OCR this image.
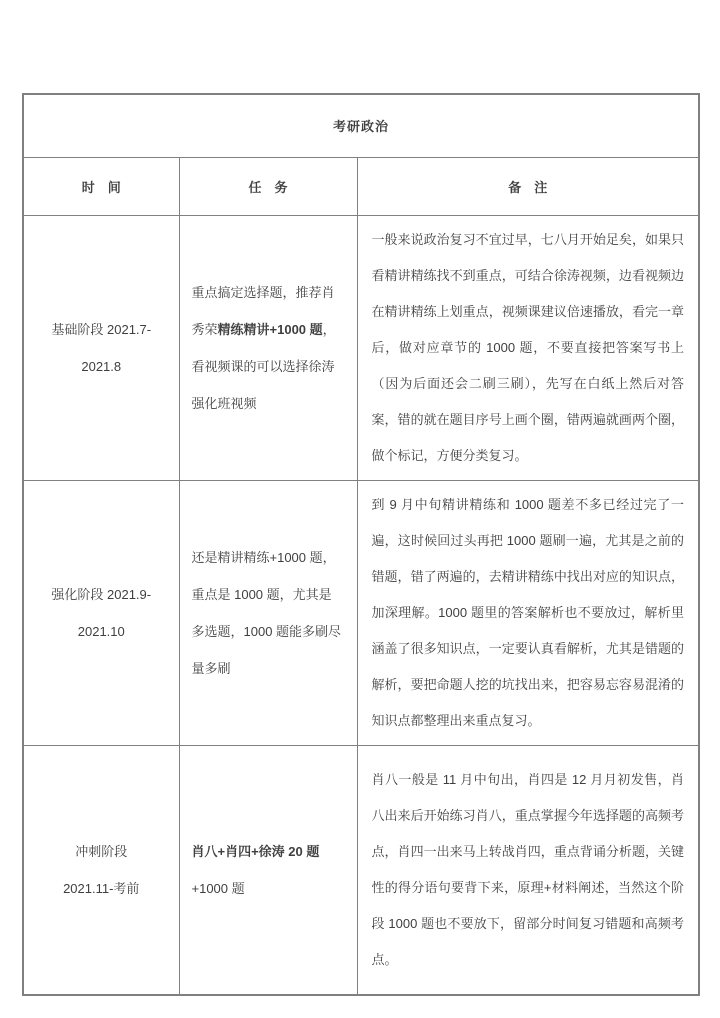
考研政治		
时　间	任　务	备　注

基础阶段 2021.7-
2021.8	重点搞定选择题，推荐肖秀荣精练精讲+1000 题，看视频课的可以选择徐涛强化班视频	一般来说政治复习不宜过早，七八月开始足矣，如果只看精讲精练找不到重点，可结合徐涛视频，边看视频边在精讲精练上划重点，视频课建议倍速播放，看完一章后，做对应章节的 1000 题，不要直接把答案写书上（因为后面还会二刷三刷），先写在白纸上然后对答案，错的就在题目序号上画个圈，错两遍就画两个圈，做个标记，方便分类复习。

强化阶段 2021.9-
2021.10	还是精讲精练+1000 题，重点是 1000 题，尤其是多选题，1000 题能多刷尽量多刷	到 9 月中旬精讲精练和 1000 题差不多已经过完了一遍，这时候回过头再把 1000 题刷一遍，尤其是之前的错题，错了两遍的，去精讲精练中找出对应的知识点，加深理解。1000 题里的答案解析也不要放过，解析里涵盖了很多知识点，一定要认真看解析，尤其是错题的解析，要把命题人挖的坑找出来，把容易忘容易混淆的知识点都整理出来重点复习。

冲刺阶段
2021.11-考前	肖八+肖四+徐涛 20 题 +1000 题	肖八一般是 11 月中旬出，肖四是 12 月月初发售，肖八出来后开始练习肖八，重点掌握今年选择题的高频考点，肖四一出来马上转战肖四，重点背诵分析题，关键性的得分语句要背下来，原理+材料阐述，当然这个阶段 1000 题也不要放下，留部分时间复习错题和高频考点。
